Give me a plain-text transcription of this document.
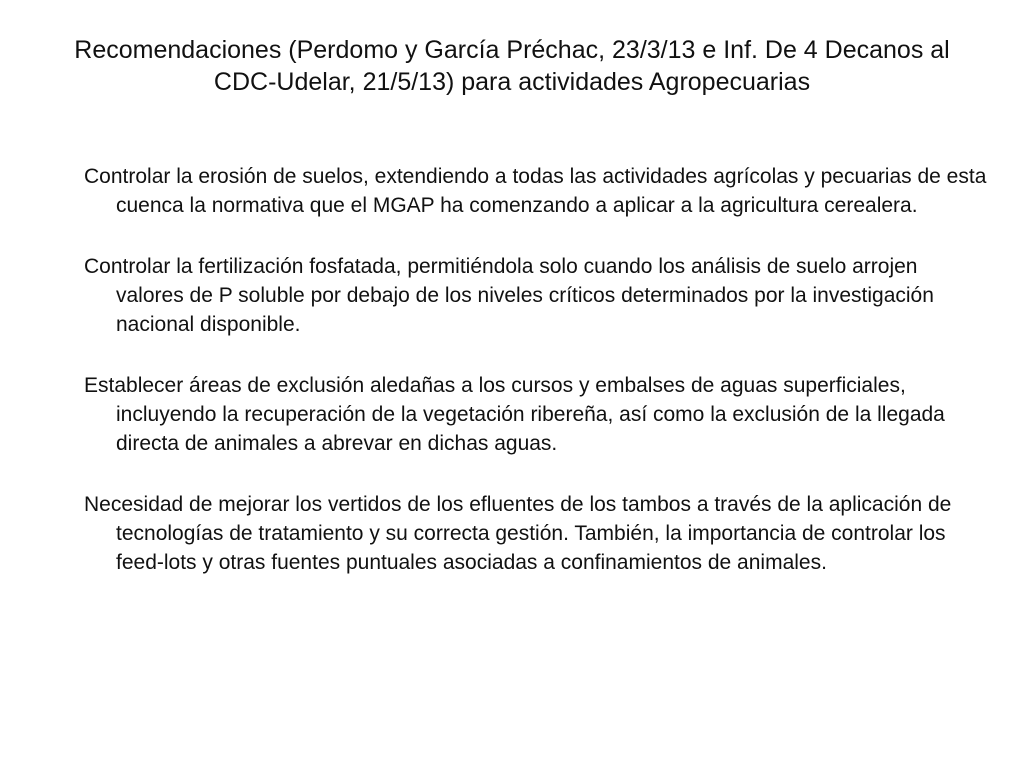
Recomendaciones (Perdomo y García Préchac, 23/3/13 e Inf. De 4 Decanos al
CDC-Udelar, 21/5/13) para actividades Agropecuarias

Controlar la erosión de suelos, extendiendo a todas las actividades agrícolas y pecuarias de esta cuenca la normativa que el MGAP ha comenzando a aplicar a la agricultura cerealera.

Controlar la fertilización fosfatada, permitiéndola solo cuando los análisis de suelo arrojen valores de P soluble por debajo de los niveles críticos determinados por la investigación nacional disponible.

Establecer áreas de exclusión aledañas a los cursos y embalses de aguas superficiales, incluyendo la recuperación de la vegetación ribereña, así como la exclusión de la llegada directa de animales a abrevar en dichas aguas.

Necesidad de mejorar los vertidos de los efluentes de los tambos a través de la aplicación de tecnologías de tratamiento y su correcta gestión. También, la importancia de controlar los feed-lots y otras fuentes puntuales asociadas a confinamientos de animales.
